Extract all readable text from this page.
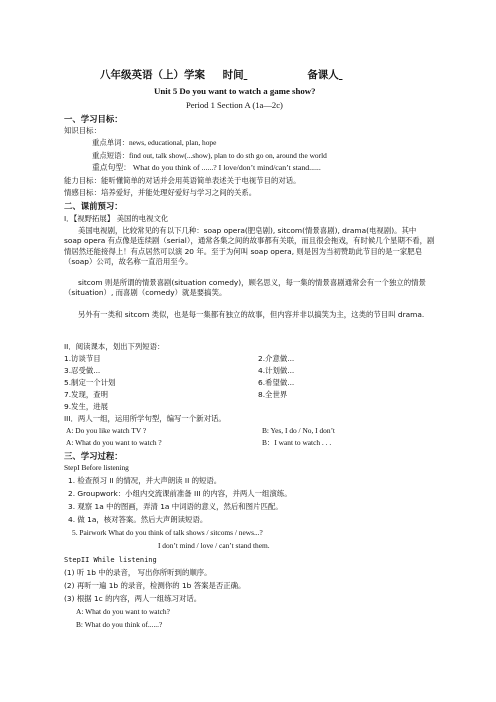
八年级英语（上）学案 时间	备课人
Unit 5 Do you want to watch a game show?
Period 1 Section A (1a—2c)
一、学习目标：
知识目标：
重点单词：news, educational, plan, hope
重点短语：find out, talk show(...show), plan to do sth go on, around the world
重点句型： What do you think of ......? I love/don’t mind/can’t stand......
能力目标：能听懂简单的对话并会用英语简单表述关于电视节目的对话。
情感目标：培养爱好，并能处理好爱好与学习之间的关系。
二、课前预习：
I．【视野拓展】 美国的电视文化
美国电视剧，比较常见的有以下几种：soap opera(肥皂剧), sitcom(情景喜剧), drama(电视剧)。其中 soap opera 有点像是连续剧（serial），通常各集之间的故事都有关联，而且很会拖戏，有时候几个星期不看，剧情居然还能接得上！有点居然可以演 20 年。至于为何叫 soap opera, 则是因为当初赞助此节目的是一家肥皂（soap）公司，故名称一直沿用至今。
sitcom 则是所谓的情景喜剧(situation comedy)，顾名思义，每一集的情景喜剧通常会有一个独立的情景（situation）, 而喜剧（comedy）就是要搞笑。
另外有一类和 sitcom 类似，也是每一集都有独立的故事，但内容并非以搞笑为主，这类的节目叫 drama.
II．阅读课本，划出下列短语：
1.访谈节目	2.介意做...
3.忍受做...	4.计划做...
5.制定一个计划	6.希望做...
7.发现，查明	8.全世界
9.发生，进展
III．两人一组，运用所学句型，编写一个新对话。
A: Do you like watch TV ?	B: Yes, I do / No, I don’t
A: What do you want to watch ?	B：I want to watch . . .
三、学习过程：
StepI Before listening
1. 检查预习 II 的情况，并大声朗读 II 的短语。
2. Groupwork：小组内交流课前准备 III 的内容，并两人一组演练。
3. 观察 1a 中的图画，弄清 1a 中词语的意义，然后和图片匹配。
4. 做 1a，核对答案。然后大声朗读短语。
5. Pairwork What do you think of talk shows / sitcoms / news...?
I don’t mind / love / can’t stand them.
StepII While listening
(1) 听 1b 中的录音， 写出你所听到的顺序。
(2) 再听一遍 1b 的录音，检测你的 1b 答案是否正确。
(3) 根据 1c 的内容，两人一组练习对话。
A: What do you want to watch?
B: What do you think of......?
